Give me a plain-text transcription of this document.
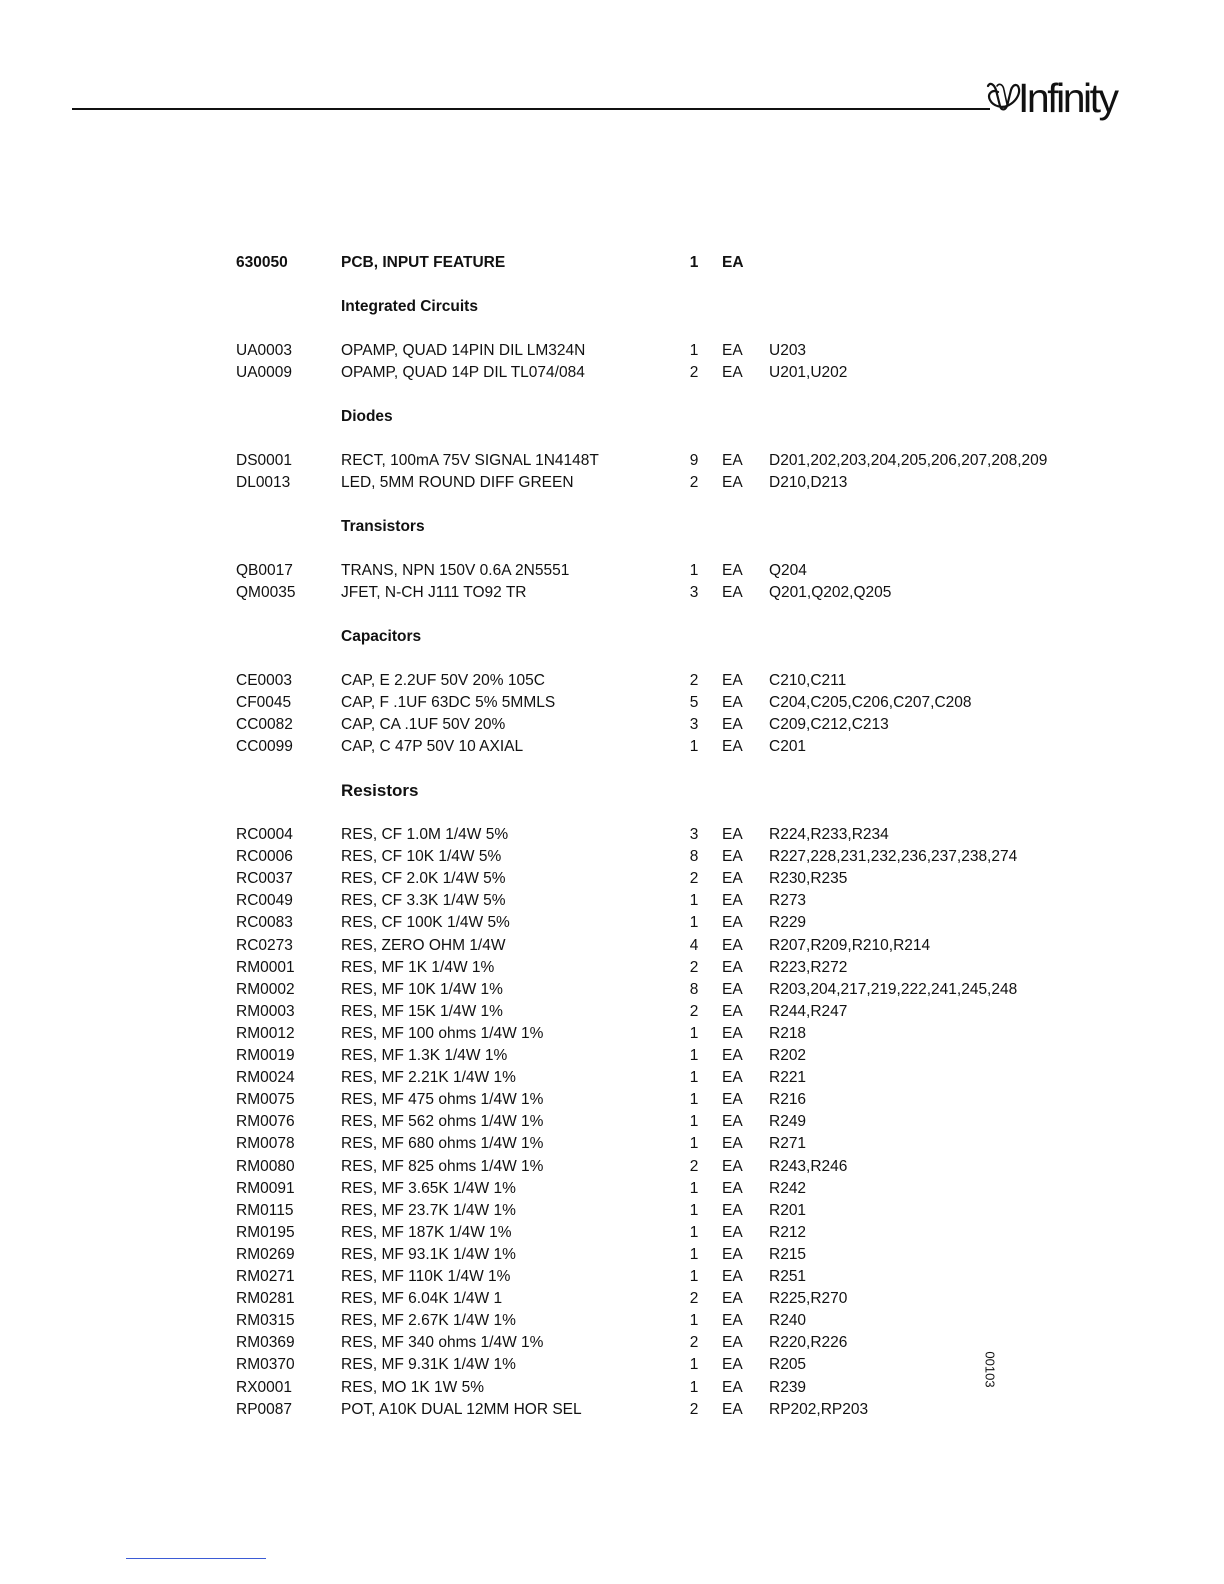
Infinity
630050	PCB, INPUT FEATURE	1 EA
Integrated Circuits
UA0003	OPAMP, QUAD 14PIN DIL LM324N	1 EA U203
UA0009	OPAMP, QUAD 14P DIL TL074/084	2 EA U201,U202
Diodes
DS0001	RECT, 100mA 75V SIGNAL 1N4148T	9 EA D201,202,203,204,205,206,207,208,209
DL0013	LED, 5MM ROUND DIFF GREEN	2 EA D210,D213
Transistors
QB0017	TRANS, NPN 150V 0.6A 2N5551	1 EA Q204
QM0035	JFET, N-CH J111 TO92 TR	3 EA Q201,Q202,Q205
Capacitors
CE0003	CAP, E 2.2UF 50V 20% 105C	2 EA C210,C211
CF0045	CAP, F .1UF 63DC 5% 5MMLS	5 EA C204,C205,C206,C207,C208
CC0082	CAP, CA .1UF 50V 20%	3 EA C209,C212,C213
CC0099	CAP, C 47P 50V 10 AXIAL	1 EA C201
Resistors
RC0004	RES, CF 1.0M 1/4W 5%	3 EA R224,R233,R234
RC0006	RES, CF 10K 1/4W 5%	8 EA R227,228,231,232,236,237,238,274
RC0037	RES, CF 2.0K 1/4W 5%	2 EA R230,R235
RC0049	RES, CF 3.3K 1/4W 5%	1 EA R273
RC0083	RES, CF 100K 1/4W 5%	1 EA R229
RC0273	RES, ZERO OHM 1/4W	4 EA R207,R209,R210,R214
RM0001	RES, MF 1K 1/4W 1%	2 EA R223,R272
RM0002	RES, MF 10K 1/4W 1%	8 EA R203,204,217,219,222,241,245,248
RM0003	RES, MF 15K 1/4W 1%	2 EA R244,R247
RM0012	RES, MF 100 ohms 1/4W 1%	1 EA R218
RM0019	RES, MF 1.3K 1/4W 1%	1 EA R202
RM0024	RES, MF 2.21K 1/4W 1%	1 EA R221
RM0075	RES, MF 475 ohms 1/4W 1%	1 EA R216
RM0076	RES, MF 562 ohms 1/4W 1%	1 EA R249
RM0078	RES, MF 680 ohms 1/4W 1%	1 EA R271
RM0080	RES, MF 825 ohms 1/4W 1%	2 EA R243,R246
RM0091	RES, MF 3.65K 1/4W 1%	1 EA R242
RM0115	RES, MF 23.7K 1/4W 1%	1 EA R201
RM0195	RES, MF 187K 1/4W 1%	1 EA R212
RM0269	RES, MF 93.1K 1/4W 1%	1 EA R215
RM0271	RES, MF 110K 1/4W 1%	1 EA R251
RM0281	RES, MF 6.04K 1/4W 1	2 EA R225,R270
RM0315	RES, MF 2.67K 1/4W 1%	1 EA R240
RM0369	RES, MF 340 ohms 1/4W 1%	2 EA R220,R226
RM0370	RES, MF 9.31K 1/4W 1%	1 EA R205
RX0001	RES, MO 1K 1W 5%	1 EA R239
RP0087	POT, A10K DUAL 12MM HOR SEL	2 EA RP202,RP203
00103
